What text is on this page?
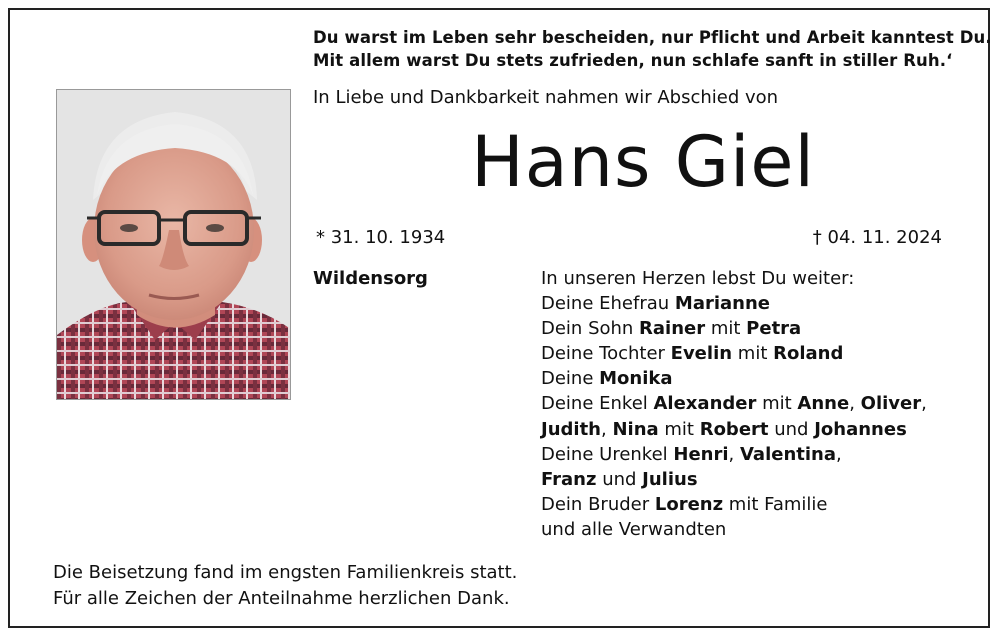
Du warst im Leben sehr bescheiden, nur Pflicht und Arbeit kanntest Du.
Mit allem warst Du stets zufrieden, nun schlafe sanft in stiller Ruh.‘
In Liebe und Dankbarkeit nahmen wir Abschied von
Hans Giel
* 31. 10. 1934	† 04. 11. 2024
Wildensorg	In unseren Herzen lebst Du weiter:
Deine Ehefrau Marianne
Dein Sohn Rainer mit Petra
Deine Tochter Evelin mit Roland
Deine Monika
Deine Enkel Alexander mit Anne, Oliver,
Judith, Nina mit Robert und Johannes
Deine Urenkel Henri, Valentina,
Franz und Julius
Dein Bruder Lorenz mit Familie
und alle Verwandten
Die Beisetzung fand im engsten Familienkreis statt.
Für alle Zeichen der Anteilnahme herzlichen Dank.
